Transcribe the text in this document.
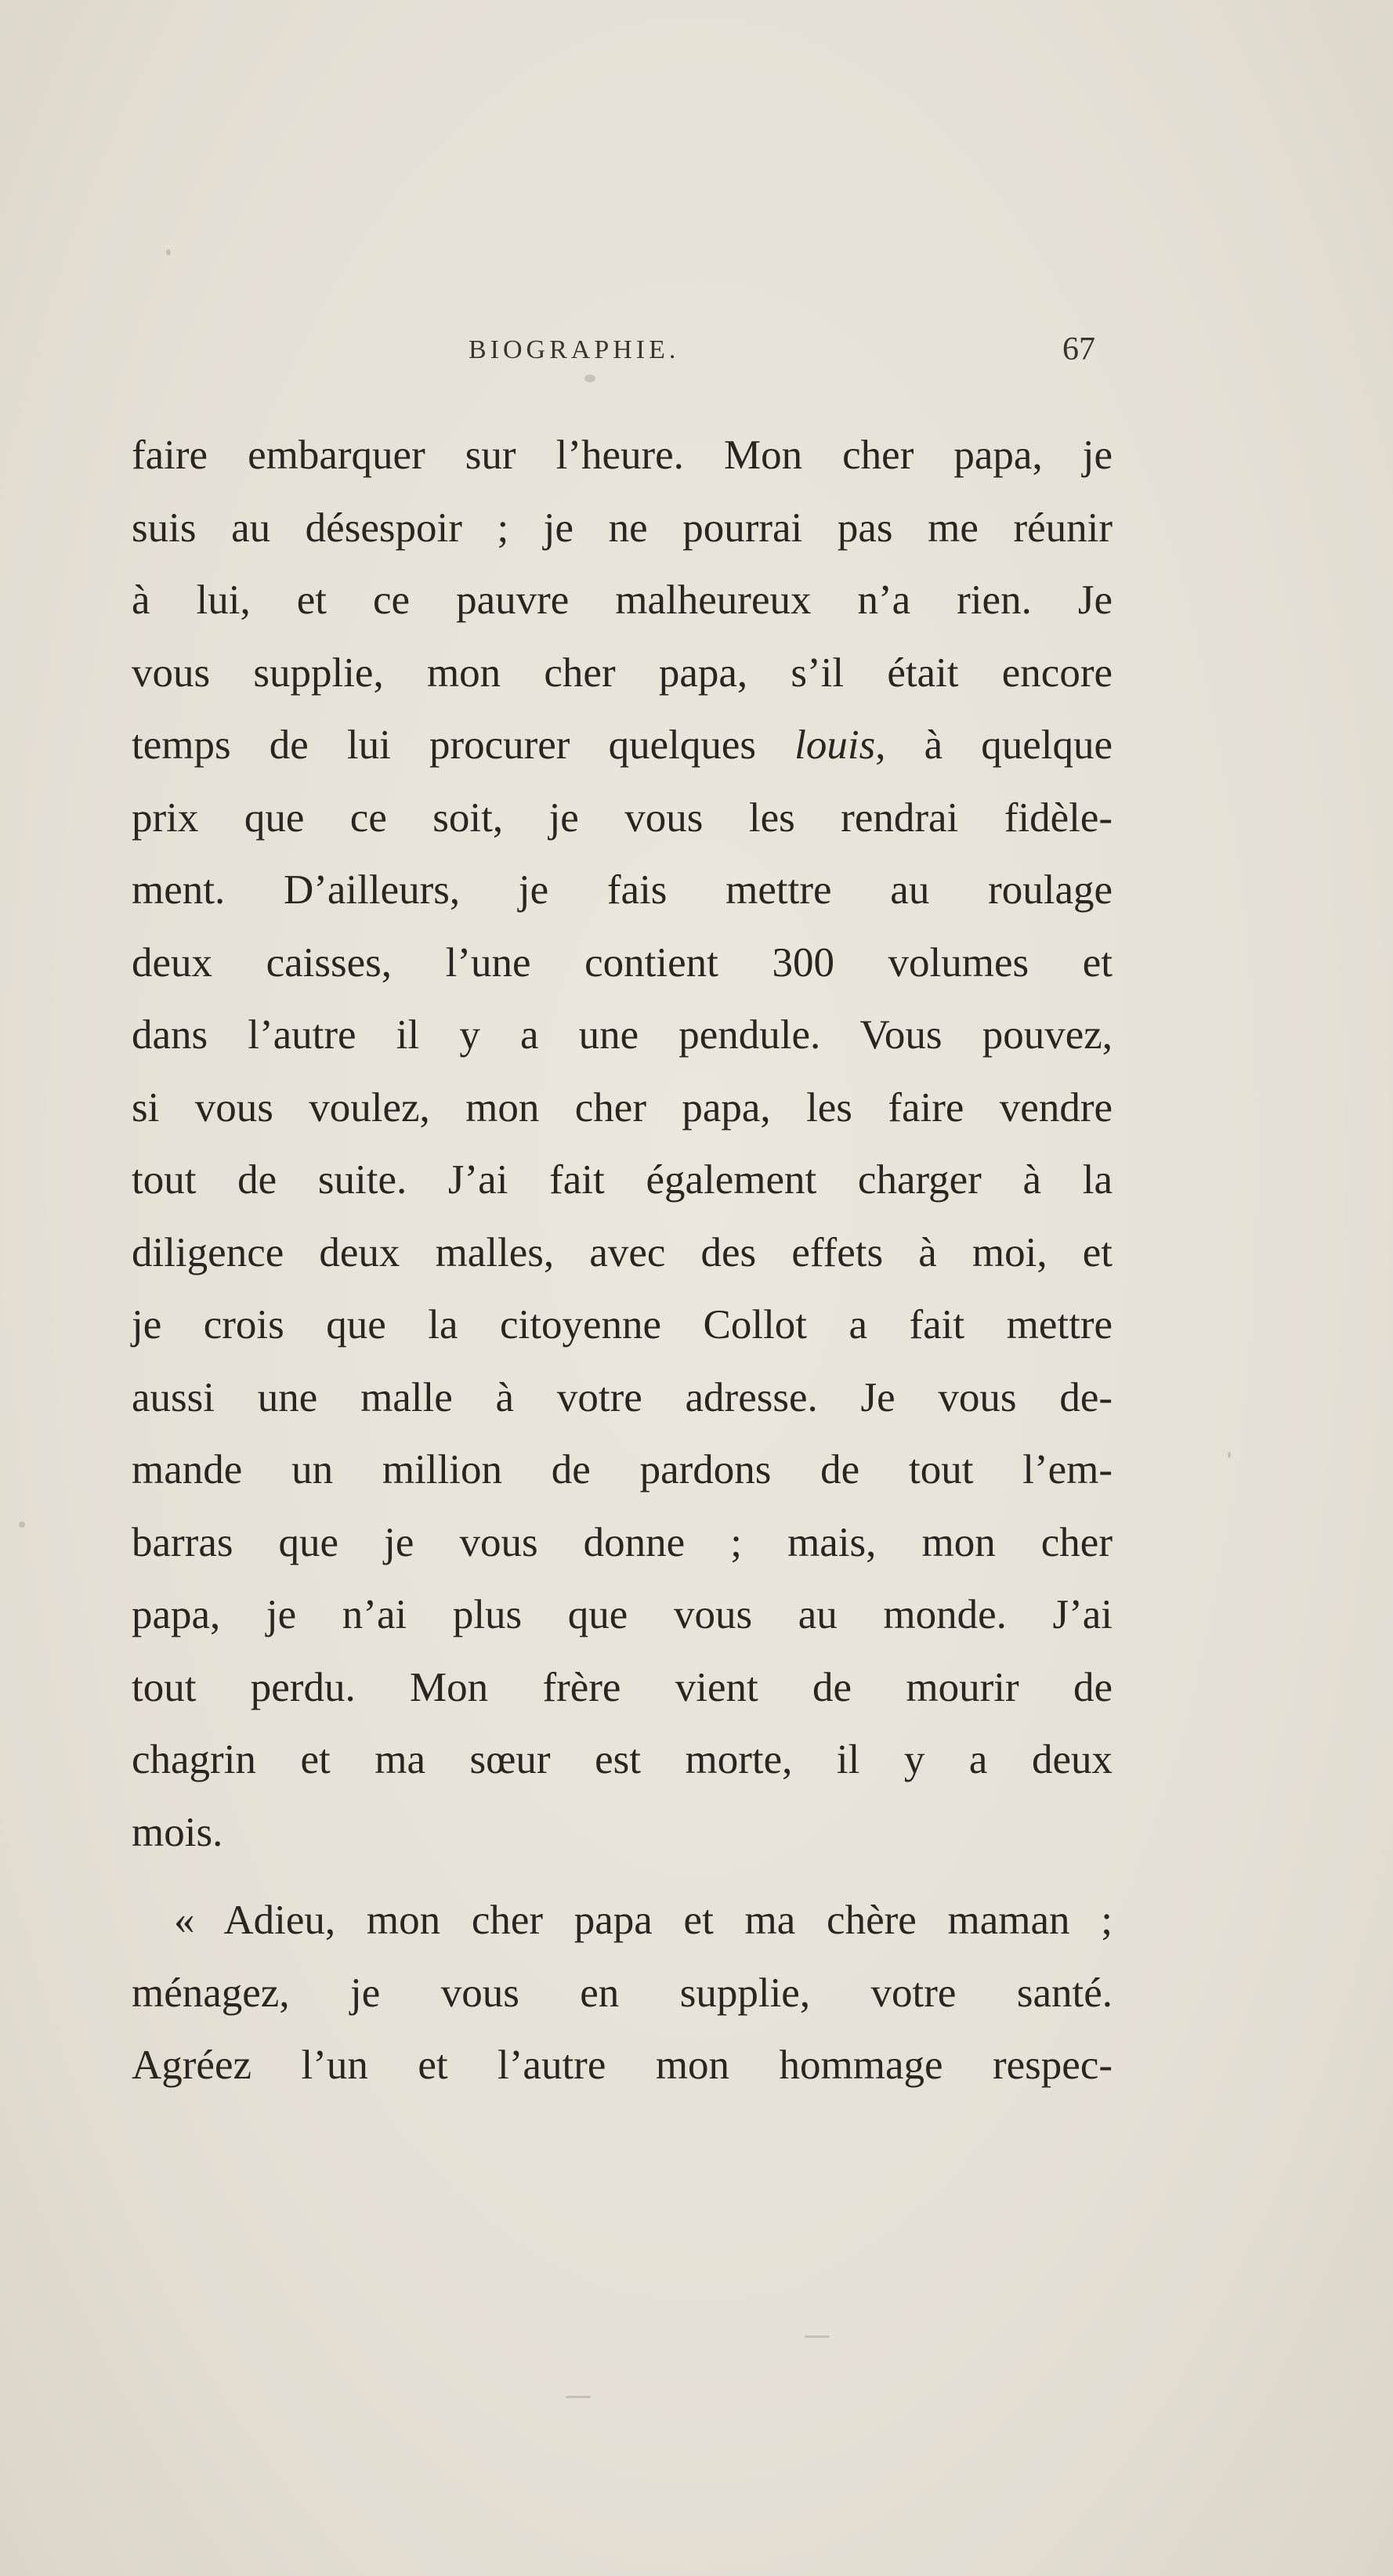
BIOGRAPHIE.	67
faire embarquer sur l’heure. Mon cher papa, je
suis au désespoir ; je ne pourrai pas me réunir
à lui, et ce pauvre malheureux n’a rien. Je
vous supplie, mon cher papa, s’il était encore
temps de lui procurer quelques louis, à quelque
prix que ce soit, je vous les rendrai fidèle-
ment. D’ailleurs, je fais mettre au roulage
deux caisses, l’une contient 300 volumes et
dans l’autre il y a une pendule. Vous pouvez,
si vous voulez, mon cher papa, les faire vendre
tout de suite. J’ai fait également charger à la
diligence deux malles, avec des effets à moi, et
je crois que la citoyenne Collot a fait mettre
aussi une malle à votre adresse. Je vous de-
mande un million de pardons de tout l’em-
barras que je vous donne ; mais, mon cher
papa, je n’ai plus que vous au monde. J’ai
tout perdu. Mon frère vient de mourir de
chagrin et ma sœur est morte, il y a deux
mois.
« Adieu, mon cher papa et ma chère maman ;
ménagez, je vous en supplie, votre santé.
Agréez l’un et l’autre mon hommage respec-
